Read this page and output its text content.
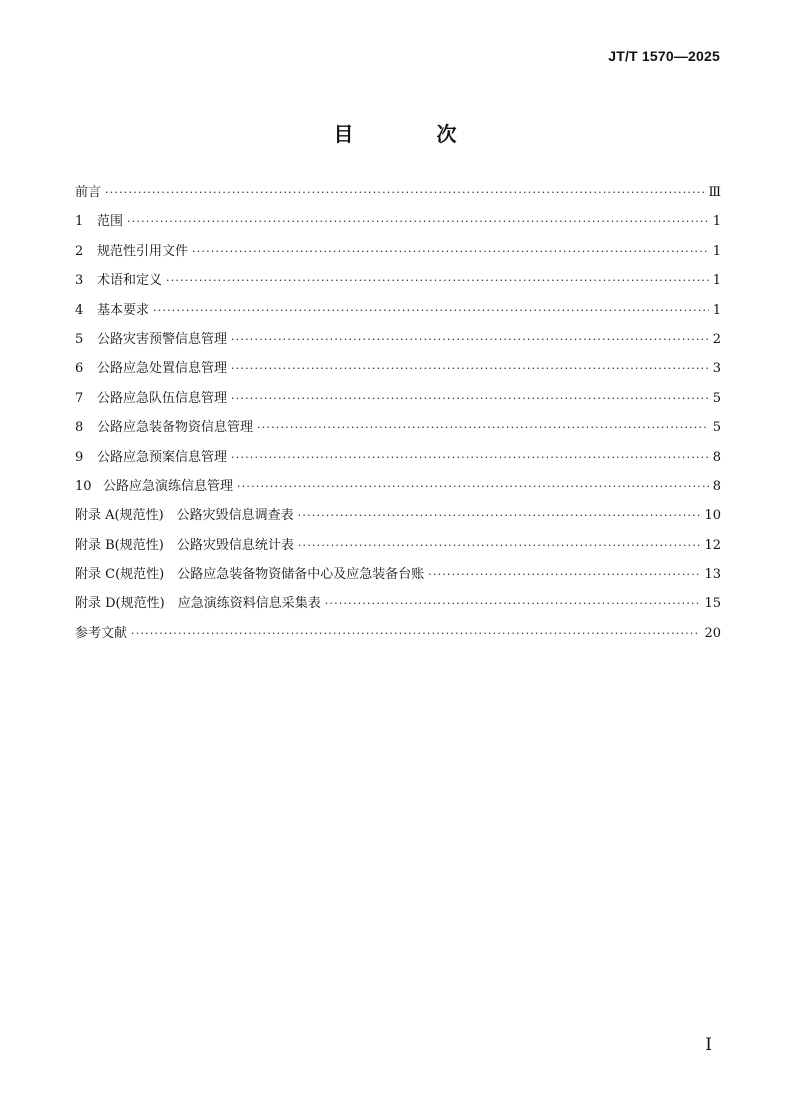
JT/T 1570—2025
目 次
前言 ·····	Ⅲ
1	范围 ·····	1
2	规范性引用文件 ·····	1
3	术语和定义 ·····	1
4	基本要求 ·····	1
5	公路灾害预警信息管理 ·····	2
6	公路应急处置信息管理 ·····	3
7	公路应急队伍信息管理 ·····	5
8	公路应急装备物资信息管理 ·····	5
9	公路应急预案信息管理 ·····	8
10 公路应急演练信息管理 ·····	8
附录 A(规范性)　公路灾毁信息调查表 ·····	10
附录 B(规范性)　公路灾毁信息统计表 ·····	12
附录 C(规范性)　公路应急装备物资储备中心及应急装备台账 ·····	13
附录 D(规范性)　应急演练资料信息采集表 ·····	15
参考文献 ·····	20
I
